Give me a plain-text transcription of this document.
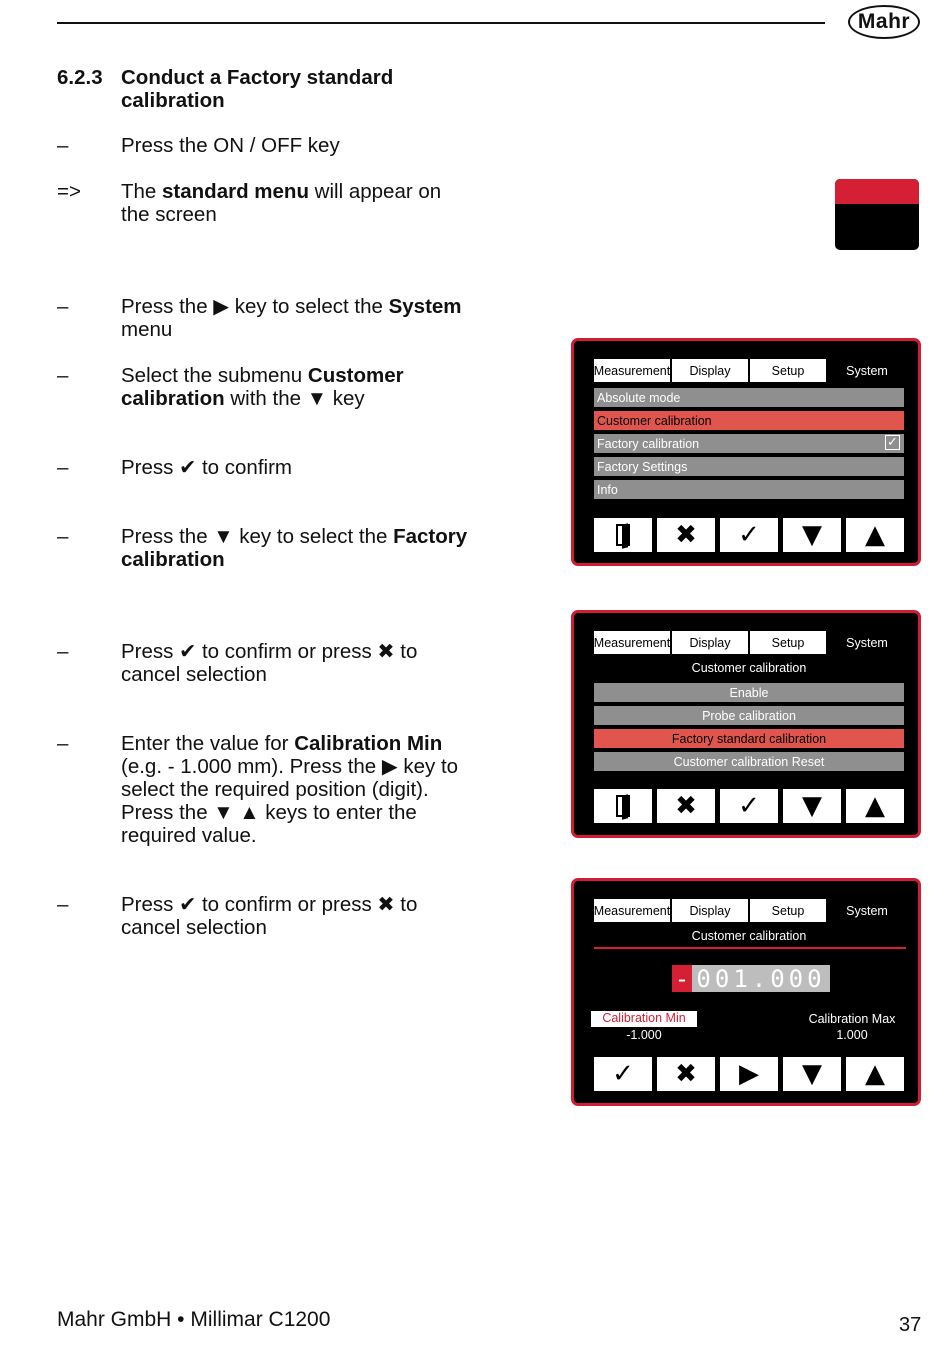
Mahr
6.2.3 Conduct a Factory standard calibration
–	Press the ON / OFF key
=> The standard menu will appear on the screen
–	Press the ▶ key to select the System menu
–	Select the submenu Customer calibration with the ▼ key
–	Press ✔ to confirm
–	Press the ▼ key to select the Factory calibration
–	Press ✔ to confirm or press ✖ to cancel selection
–	Enter the value for Calibration Min (e.g. - 1.000 mm). Press the ▶ key to select the required position (digit). Press the ▼ ▲ keys to enter the required value.
–	Press ✔ to confirm or press ✖ to cancel selection
Measurement	Display	Setup	System
Absolute mode
Customer calibration
Factory calibration	✓
Factory Settings
Info
✖	✓	▼	▲
Measurement	Display	Setup	System
Customer calibration
Enable
Probe calibration
Factory standard calibration
Customer calibration Reset
✖	✓	▼	▲
Measurement	Display	Setup	System
Customer calibration
- 001.000
Calibration Min
-1.000
Calibration Max
1.000
✓	✖	▶	▼	▲
Mahr GmbH • Millimar C1200	37
